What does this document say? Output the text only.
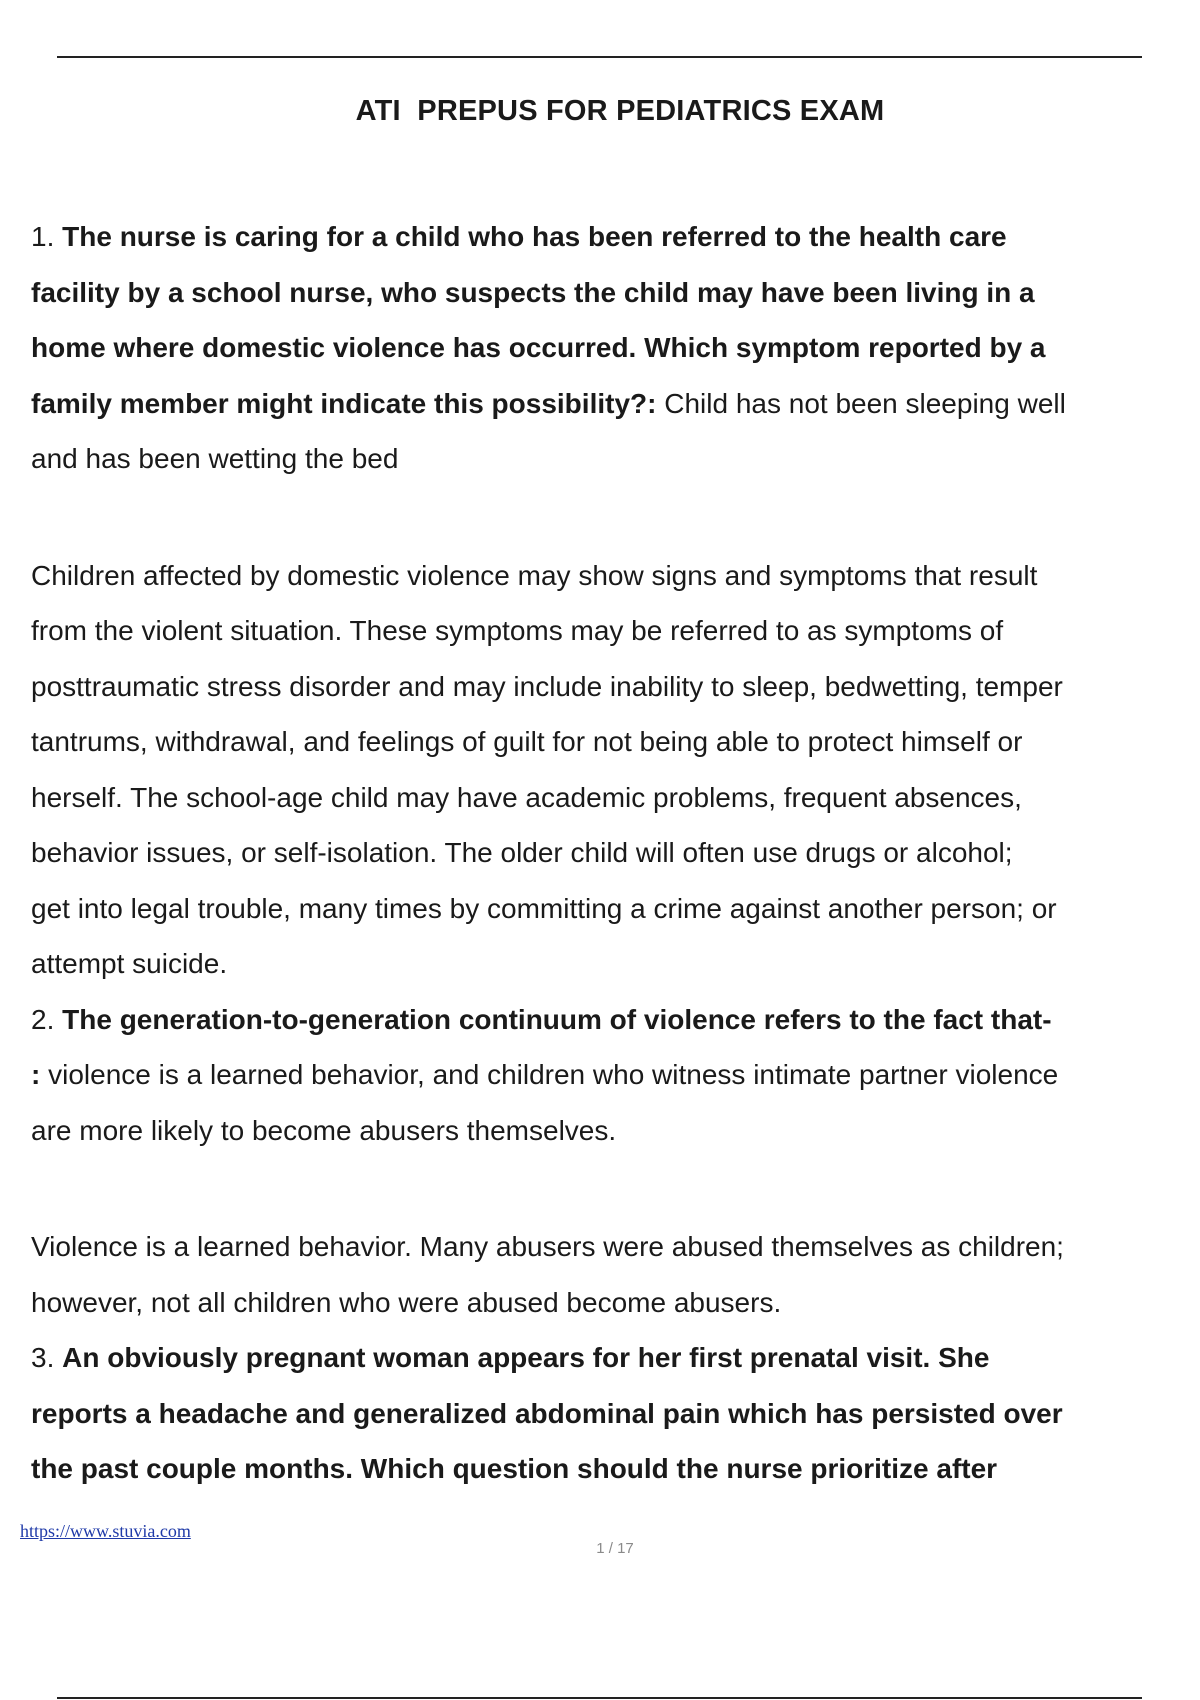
ATI  PREPUS FOR PEDIATRICS EXAM
1. The nurse is caring for a child who has been referred to the health care
facility by a school nurse, who suspects the child may have been living in a
home where domestic violence has occurred. Which symptom reported by a
family member might indicate this possibility?: Child has not been sleeping well
and has been wetting the bed
Children affected by domestic violence may show signs and symptoms that result
from the violent situation. These symptoms may be referred to as symptoms of
posttraumatic stress disorder and may include inability to sleep, bedwetting, temper
tantrums, withdrawal, and feelings of guilt for not being able to protect himself or
herself. The school-age child may have academic problems, frequent absences,
behavior issues, or self-isolation. The older child will often use drugs or alcohol;
get into legal trouble, many times by committing a crime against another person; or
attempt suicide.
2. The generation-to-generation continuum of violence refers to the fact that-
: violence is a learned behavior, and children who witness intimate partner violence
are more likely to become abusers themselves.
Violence is a learned behavior. Many abusers were abused themselves as children;
however, not all children who were abused become abusers.
3. An obviously pregnant woman appears for her first prenatal visit. She
reports a headache and generalized abdominal pain which has persisted over
the past couple months. Which question should the nurse prioritize after
https://www.stuvia.com
1 / 17
